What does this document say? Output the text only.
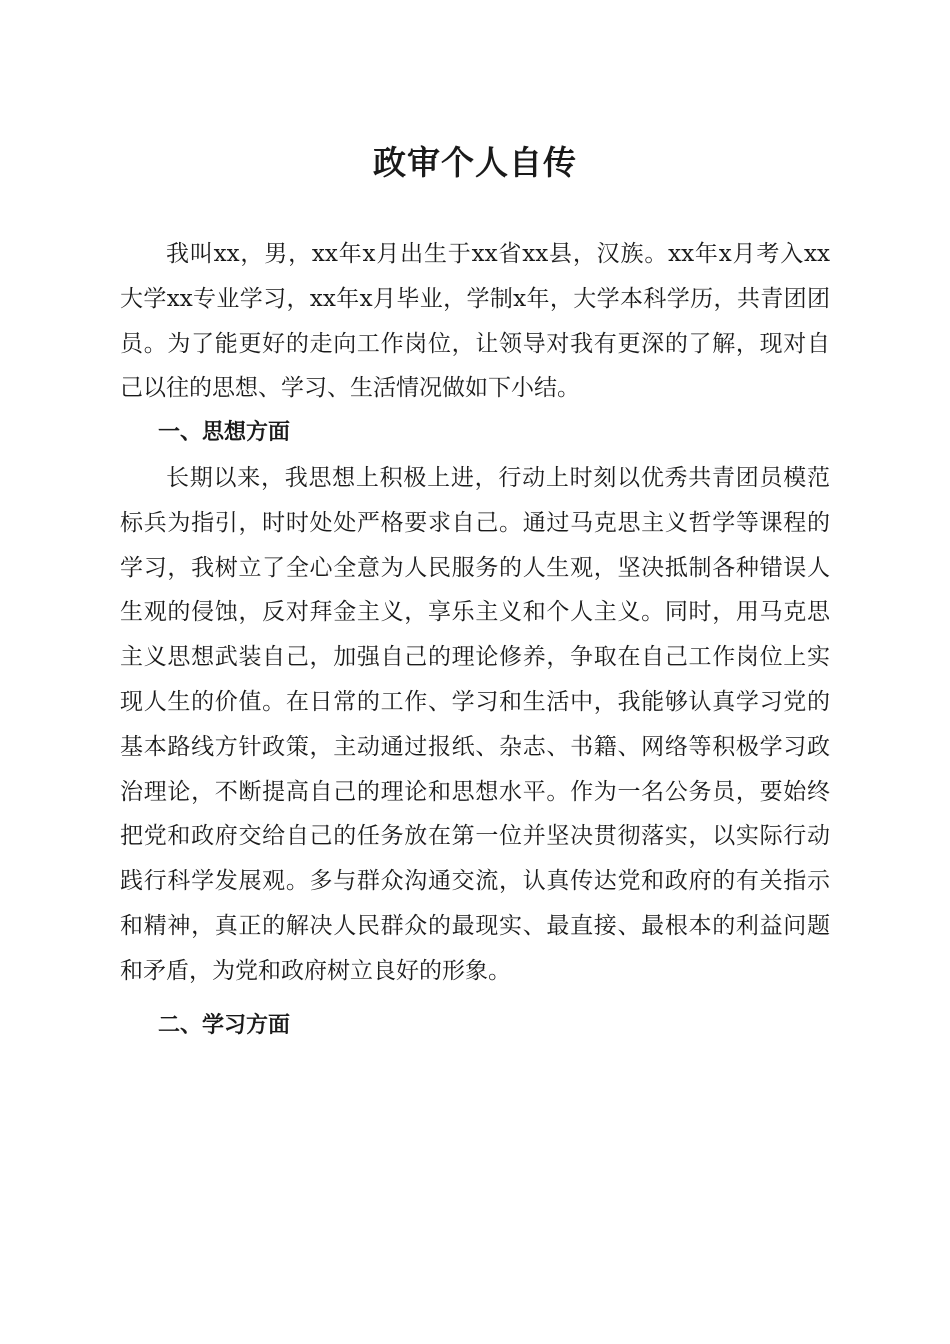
政审个人自传

我叫xx，男，xx年x月出生于xx省xx县，汉族。xx年x月考入xx大学xx专业学习，xx年x月毕业，学制x年，大学本科学历，共青团团员。为了能更好的走向工作岗位，让领导对我有更深的了解，现对自己以往的思想、学习、生活情况做如下小结。

一、思想方面

长期以来，我思想上积极上进，行动上时刻以优秀共青团员模范标兵为指引，时时处处严格要求自己。通过马克思主义哲学等课程的学习，我树立了全心全意为人民服务的人生观，坚决抵制各种错误人生观的侵蚀，反对拜金主义，享乐主义和个人主义。同时，用马克思主义思想武装自己，加强自己的理论修养，争取在自己工作岗位上实现人生的价值。在日常的工作、学习和生活中，我能够认真学习党的基本路线方针政策，主动通过报纸、杂志、书籍、网络等积极学习政治理论，不断提高自己的理论和思想水平。作为一名公务员，要始终把党和政府交给自己的任务放在第一位并坚决贯彻落实，以实际行动践行科学发展观。多与群众沟通交流，认真传达党和政府的有关指示和精神，真正的解决人民群众的最现实、最直接、最根本的利益问题和矛盾，为党和政府树立良好的形象。

二、学习方面
